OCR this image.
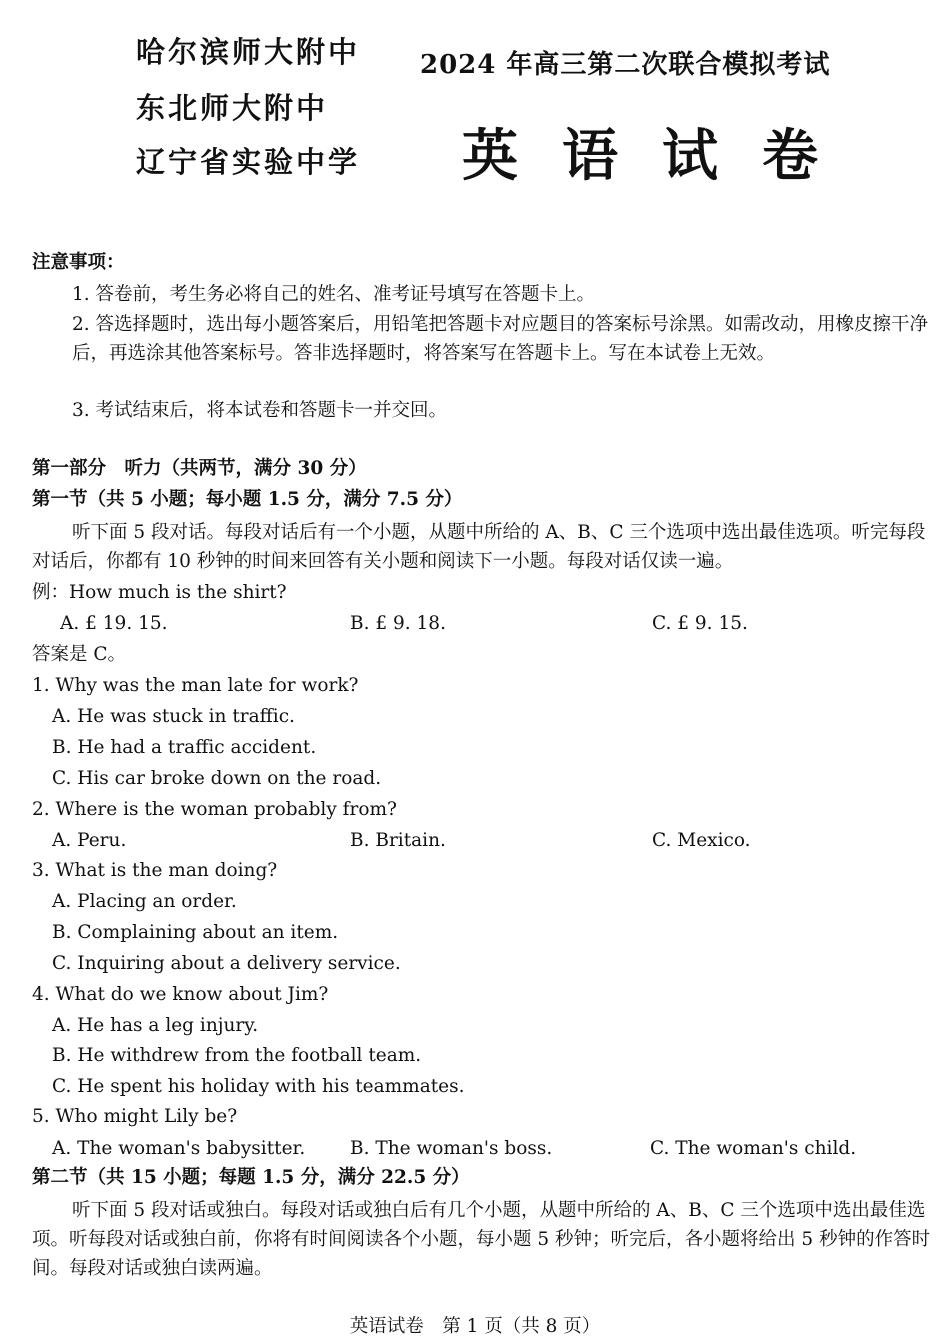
哈尔滨师大附中
东北师大附中
辽宁省实验中学
2024 年高三第二次联合模拟考试
英语试卷
注意事项：
1. 答卷前，考生务必将自己的姓名、准考证号填写在答题卡上。
2. 答选择题时，选出每小题答案后，用铅笔把答题卡对应题目的答案标号涂黑。如需改动，用橡皮擦干净后，再选涂其他答案标号。答非选择题时，将答案写在答题卡上。写在本试卷上无效。
3. 考试结束后，将本试卷和答题卡一并交回。
第一部分　听力（共两节，满分 30 分）
第一节（共 5 小题；每小题 1.5 分，满分 7.5 分）
听下面 5 段对话。每段对话后有一个小题，从题中所给的 A、B、C 三个选项中选出最佳选项。听完每段对话后，你都有 10 秒钟的时间来回答有关小题和阅读下一小题。每段对话仅读一遍。
例：How much is the shirt?
A. £ 19. 15.	B. £ 9. 18.	C. £ 9. 15.
答案是 C。
1. Why was the man late for work?
A. He was stuck in traffic.
B. He had a traffic accident.
C. His car broke down on the road.
2. Where is the woman probably from?
A. Peru.	B. Britain.	C. Mexico.
3. What is the man doing?
A. Placing an order.
B. Complaining about an item.
C. Inquiring about a delivery service.
4. What do we know about Jim?
A. He has a leg injury.
B. He withdrew from the football team.
C. He spent his holiday with his teammates.
5. Who might Lily be?
A. The woman's babysitter. B. The woman's boss.	C. The woman's child.
第二节（共 15 小题；每题 1.5 分，满分 22.5 分）
听下面 5 段对话或独白。每段对话或独白后有几个小题，从题中所给的 A、B、C 三个选项中选出最佳选项。听每段对话或独白前，你将有时间阅读各个小题，每小题 5 秒钟；听完后，各小题将给出 5 秒钟的作答时间。每段对话或独白读两遍。
英语试卷　第 1 页（共 8 页）
